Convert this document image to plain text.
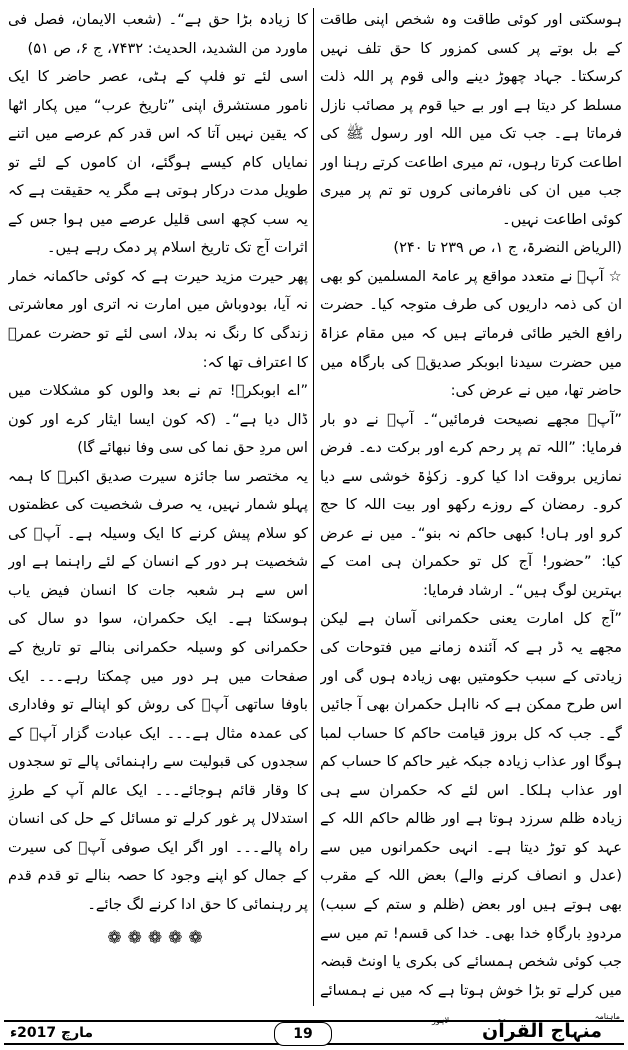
ہوسکتی اور کوئی طاقت وہ شخص اپنی طاقت کے بل بوتے پر کسی کمزور کا حق تلف نہیں کرسکتا۔ جہاد چھوڑ دینے والی قوم پر اللہ ذلت مسلط کر دیتا ہے اور بے حیا قوم پر مصائب نازل فرماتا ہے۔ جب تک میں اللہ اور رسول ﷺ کی اطاعت کرتا رہوں، تم میری اطاعت کرتے رہنا اور جب میں ان کی نافرمانی کروں تو تم پر میری کوئی اطاعت نہیں۔

(الریاض النضرۃ، ج ۱، ص ۲۳۹ تا ۲۴۰)

☆ آپؓ نے متعدد مواقع پر عامۃ المسلمین کو بھی ان کی ذمہ داریوں کی طرف متوجہ کیا۔ حضرت رافع الخیر طائی فرماتے ہیں کہ میں مقام عزاۃ میں حضرت سیدنا ابوبکر صدیقؓ کی بارگاہ میں حاضر تھا، میں نے عرض کی:

”آپؓ مجھے نصیحت فرمائیں“۔ آپؓ نے دو بار فرمایا: ”اللہ تم پر رحم کرے اور برکت دے۔ فرض نمازیں بروقت ادا کیا کرو۔ زکوٰۃ خوشی سے دیا کرو۔ رمضان کے روزے رکھو اور بیت اللہ کا حج کرو اور ہاں! کبھی حاکم نہ بنو“۔ میں نے عرض کیا: ”حضور! آج کل تو حکمران ہی امت کے بہترین لوگ ہیں“۔ ارشاد فرمایا:

”آج کل امارت یعنی حکمرانی آسان ہے لیکن مجھے یہ ڈر ہے کہ آئندہ زمانے میں فتوحات کی زیادتی کے سبب حکومتیں بھی زیادہ ہوں گی اور اس طرح ممکن ہے کہ نااہل حکمران بھی آ جائیں گے۔ جب کہ کل بروز قیامت حاکم کا حساب لمبا ہوگا اور عذاب زیادہ جبکہ غیر حاکم کا حساب کم اور عذاب ہلکا۔ اس لئے کہ حکمران سے ہی زیادہ ظلم سرزد ہوتا ہے اور ظالم حاکم اللہ کے عہد کو توڑ دیتا ہے۔ انہی حکمرانوں میں سے (عدل و انصاف کرنے والے) بعض اللہ کے مقرب بھی ہوتے ہیں اور بعض (ظلم و ستم کے سبب) مردودِ بارگاہِ خدا بھی۔ خدا کی قسم! تم میں سے جب کوئی شخص ہمسائے کی بکری یا اونٹ قبضہ میں کرلے تو بڑا خوش ہوتا ہے کہ میں نے ہمسائے

کا زیادہ بڑا حق ہے“۔ (شعب الایمان، فصل فی ماورد من الشدید، الحدیث: ۷۴۳۲، ج ۶، ص ۵۱)

اسی لئے تو فلپ کے ہٹی، عصر حاضر کا ایک نامور مستشرق اپنی ”تاریخ عرب“ میں پکار اٹھا کہ یقین نہیں آتا کہ اس قدر کم عرصے میں اتنے نمایاں کام کیسے ہوگئے، ان کاموں کے لئے تو طویل مدت درکار ہوتی ہے مگر یہ حقیقت ہے کہ یہ سب کچھ اسی قلیل عرصے میں ہوا جس کے اثرات آج تک تاریخ اسلام پر دمک رہے ہیں۔

پھر حیرت مزید حیرت ہے کہ کوئی حاکمانہ خمار نہ آیا، بودوباش میں امارت نہ اتری اور معاشرتی زندگی کا رنگ نہ بدلا، اسی لئے تو حضرت عمرؓ کا اعتراف تھا کہ:

”اے ابوبکرؓ! تم نے بعد والوں کو مشکلات میں ڈال دیا ہے“۔ (کہ کون ایسا ایثار کرے اور کون اس مردِ حق نما کی سی وفا نبھائے گا)

یہ مختصر سا جائزہ سیرت صدیق اکبرؓ کا ہمہ پہلو شمار نہیں، یہ صرف شخصیت کی عظمتوں کو سلام پیش کرنے کا ایک وسیلہ ہے۔ آپؓ کی شخصیت ہر دور کے انسان کے لئے راہنما ہے اور اس سے ہر شعبہ جات کا انسان فیض یاب ہوسکتا ہے۔ ایک حکمران، سوا دو سال کی حکمرانی کو وسیلہ حکمرانی بنالے تو تاریخ کے صفحات میں ہر دور میں چمکتا رہے۔۔۔ ایک باوفا ساتھی آپؓ کی روش کو اپنالے تو وفاداری کی عمدہ مثال ہے۔۔۔ ایک عبادت گزار آپؓ کے سجدوں کی قبولیت سے راہنمائی پالے تو سجدوں کا وقار قائم ہوجائے۔۔۔ ایک عالم آپ کے طرزِ استدلال پر غور کرلے تو مسائل کے حل کی انسان راہ پالے۔۔۔ اور اگر ایک صوفی آپؓ کی سیرت کے جمال کو اپنے وجود کا حصہ بنالے تو قدم قدم پر رہنمائی کا حق ادا کرنے لگ جائے۔

❁❁❁❁❁

مارچ 2017ء	19
ماہنامہ
منہاج القرآن
لاہور
